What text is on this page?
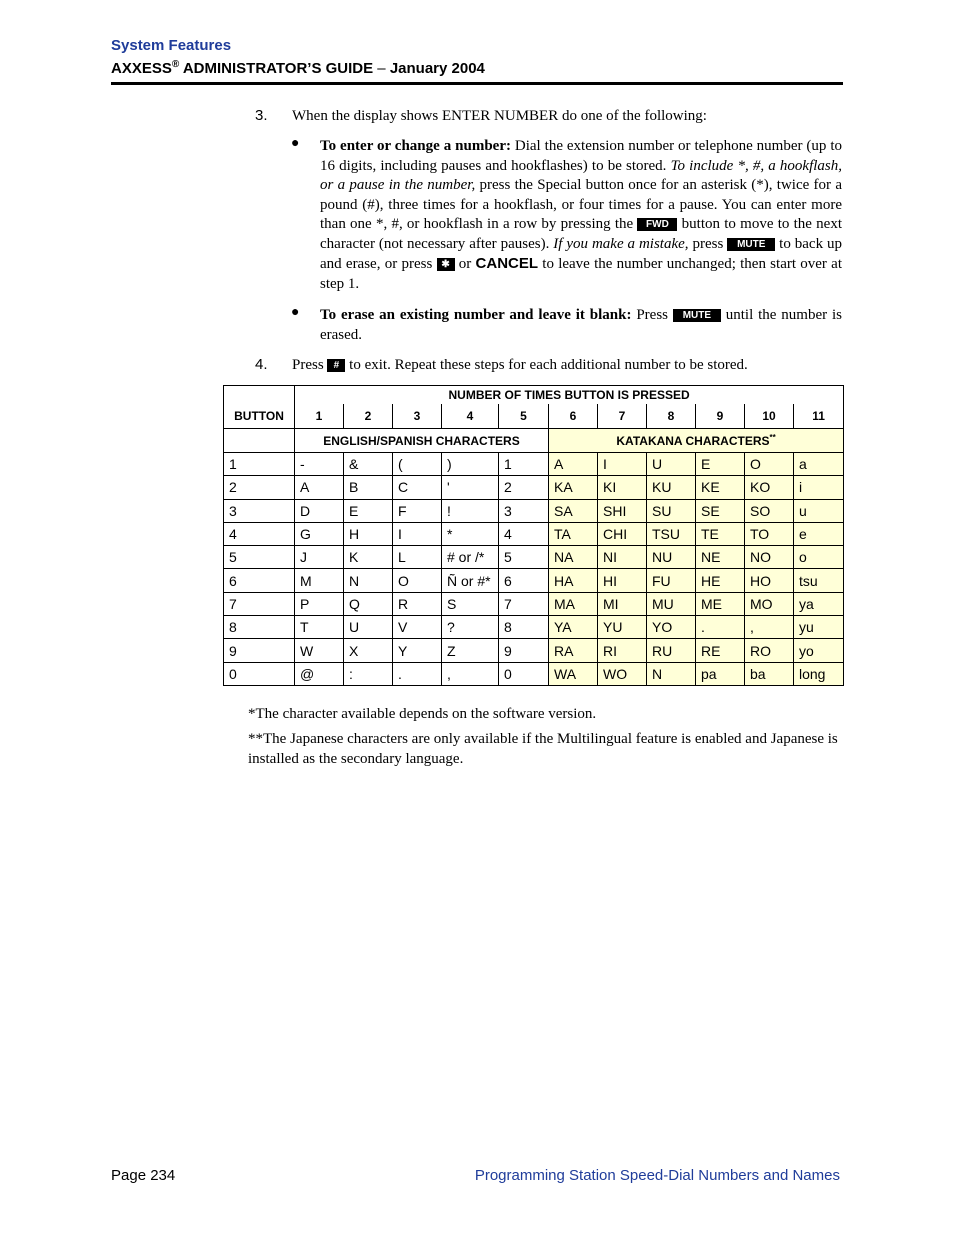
System Features
AXXESS® ADMINISTRATOR’S GUIDE – January 2004
3. When the display shows ENTER NUMBER do one of the following:
● To enter or change a number: Dial the extension number or telephone number (up to 16 digits, including pauses and hookflashes) to be stored. To include *, #, a hookflash, or a pause in the number, press the Special button once for an asterisk (*), twice for a pound (#), three times for a hookflash, or four times for a pause. You can enter more than one *, #, or hookflash in a row by pressing the FWD button to move to the next character (not necessary after pauses). If you make a mistake, press MUTE to back up and erase, or press ✱ or CANCEL to leave the number unchanged; then start over at step 1.
● To erase an existing number and leave it blank: Press MUTE until the number is erased.
4. Press # to exit. Repeat these steps for each additional number to be stored.
	NUMBER OF TIMES BUTTON IS PRESSED										
BUTTON	1	2	3	4	5	6	7	8	9	10	11
	ENGLISH/SPANISH CHARACTERS					KATAKANA CHARACTERS**
1	-	&	(	)	1	A	I	U	E	O	a
2	A	B	C	'	2	KA	KI	KU	KE	KO	i
3	D	E	F	!	3	SA	SHI	SU	SE	SO	u
4	G	H	I	*	4	TA	CHI	TSU	TE	TO	e
5	J	K	L	# or /*	5	NA	NI	NU	NE	NO	o
6	M	N	O	Ñ or #*	6	HA	HI	FU	HE	HO	tsu
7	P	Q	R	S	7	MA	MI	MU	ME	MO	ya
8	T	U	V	?	8	YA	YU	YO	.	,	yu
9	W	X	Y	Z	9	RA	RI	RU	RE	RO	yo
0	@	:	.	,	0	WA	WO	N	pa	ba	long
*The character available depends on the software version.
**The Japanese characters are only available if the Multilingual feature is enabled and Japanese is installed as the secondary language.
Page 234	Programming Station Speed-Dial Numbers and Names
